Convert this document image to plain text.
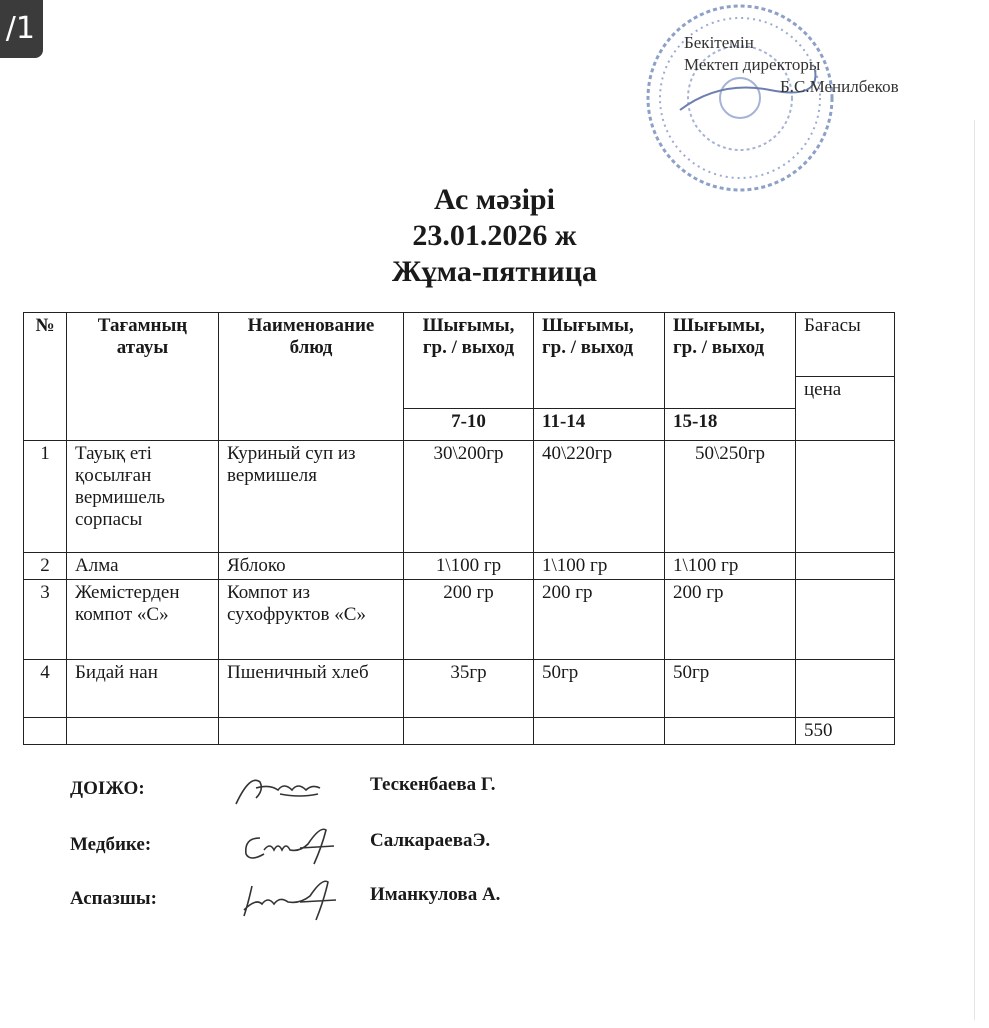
/1	Бекітемін
Мектеп директоры
Б.С.Менилбеков
Ас мәзірі
23.01.2026 ж
Жұма-пятница
№	Тағамның атауы	Наименование блюд	Шығымы, гр. / выход	Шығымы, гр. / выход	Шығымы, гр. / выход	Бағасы
						цена
			7-10	11-14	15-18	
1	Тауық еті қосылған вермишель сорпасы	Куриный суп из вермишеля	30\200гр	40\220гр	50\250гр	
2	Алма	Яблоко	1\100 гр	1\100 гр	1\100 гр	
3	Жемістерден компот «С»	Компот из сухофруктов «С»	200 гр	200 гр	200 гр	
4	Бидай нан	Пшеничный хлеб	35гр	50гр	50гр	
						550
ДОІЖО:	Тескенбаева Г.
Медбике:	СалкараеваЭ.
Аспазшы:	Иманкулова А.
